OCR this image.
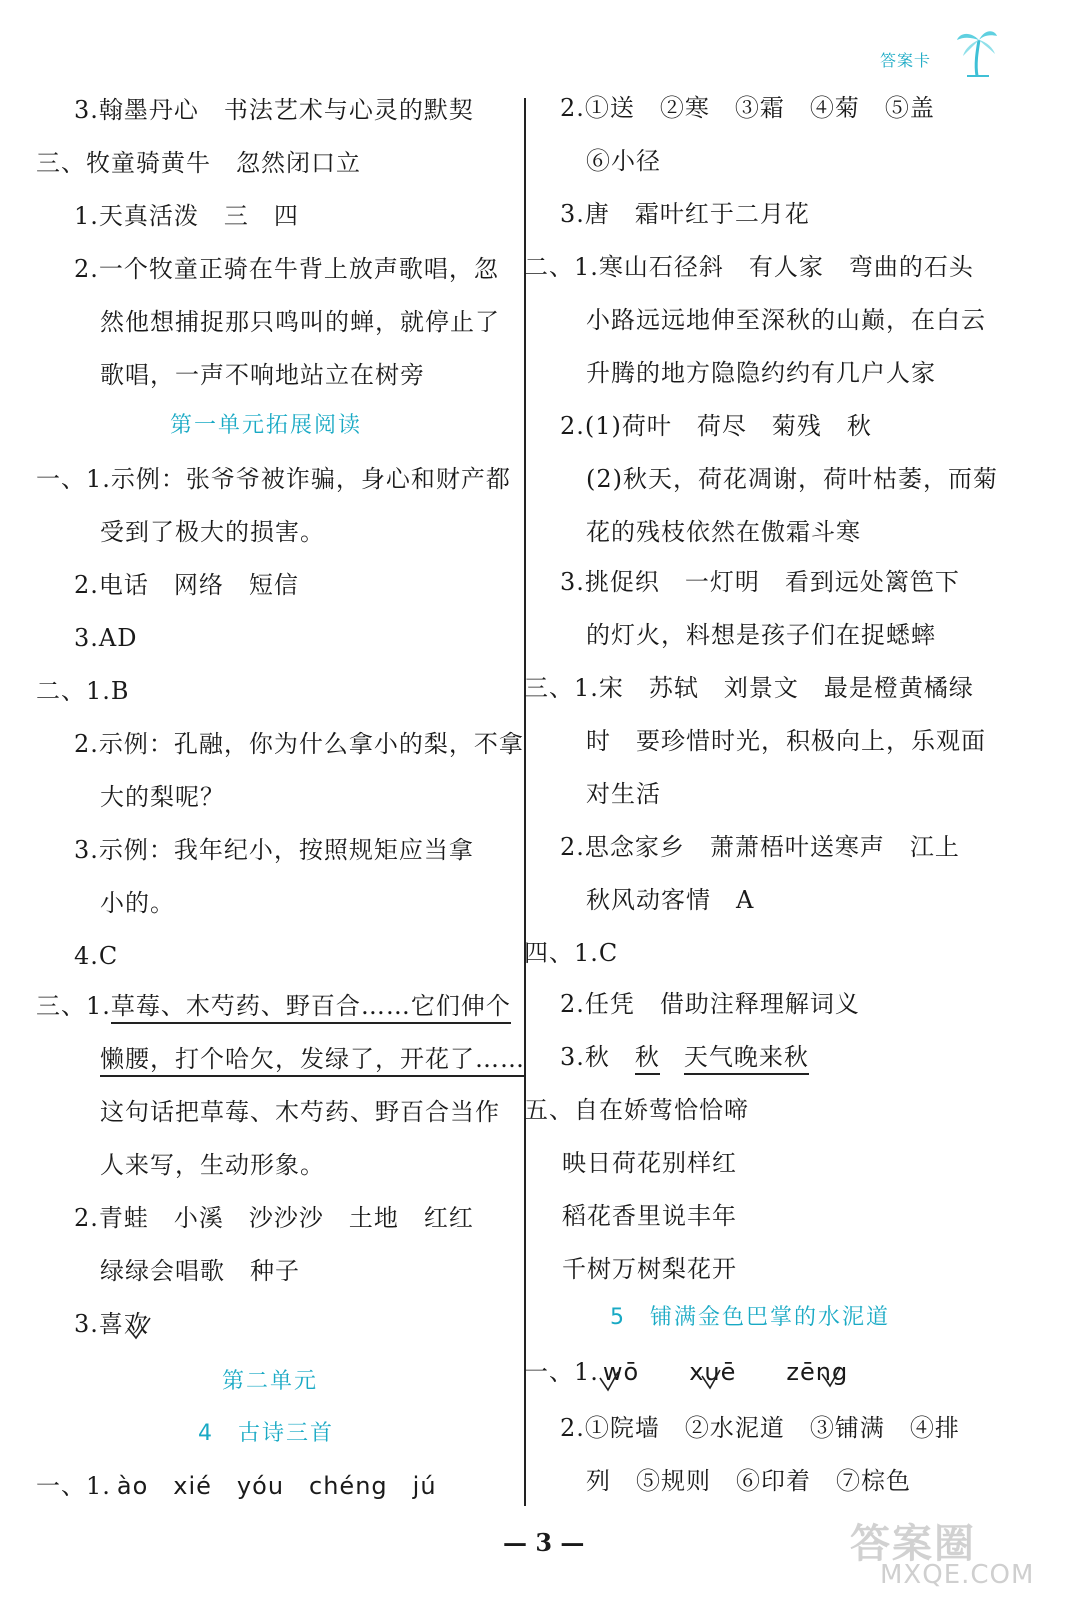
答案卡
3.翰墨丹心　书法艺术与心灵的默契
三、牧童骑黄牛　忽然闭口立
1.天真活泼　三　四
2.一个牧童正骑在牛背上放声歌唱，忽
然他想捕捉那只鸣叫的蝉，就停止了
歌唱，一声不响地站立在树旁
第一单元拓展阅读
一、1.示例：张爷爷被诈骗，身心和财产都
受到了极大的损害。
2.电话　网络　短信
3.AD
二、1.B
2.示例：孔融，你为什么拿小的梨，不拿
大的梨呢？
3.示例：我年纪小，按照规矩应当拿
小的。
4.C
三、1.草莓、木芍药、野百合……它们伸个
懒腰，打个哈欠，发绿了，开花了……
这句话把草莓、木芍药、野百合当作
人来写，生动形象。
2.青蛙　小溪　沙沙沙　土地　红红
绿绿会唱歌　种子
3.喜欢
第二单元
4　古诗三首
一、1. ào　xié　yóu　chéng　jú
2.①送　②寒　③霜　④菊　⑤盖
⑥小径
3.唐　霜叶红于二月花
二、1.寒山石径斜　有人家　弯曲的石头
小路远远地伸至深秋的山巅，在白云
升腾的地方隐隐约约有几户人家
2.(1)荷叶　荷尽　菊残　秋
(2)秋天，荷花凋谢，荷叶枯萎，而菊
花的残枝依然在傲霜斗寒
3.挑促织　一灯明　看到远处篱笆下
的灯火，料想是孩子们在捉蟋蟀
三、1.宋　苏轼　刘景文　最是橙黄橘绿
时　要珍惜时光，积极向上，乐观面
对生活
2.思念家乡　萧萧梧叶送寒声　江上
秋风动客情　A
四、1.C
2.任凭　借助注释理解词义
3.秋　秋 天气晚来秋
五、自在娇莺恰恰啼
映日荷花别样红
稻花香里说丰年
千树万树梨花开
5　铺满金色巴掌的水泥道
一、1. wō　　xuē　　zēng
2.①院墙　②水泥道　③铺满　④排
列　⑤规则　⑥印着　⑦棕色
— 3 —	答案圈
MXQE.COM
